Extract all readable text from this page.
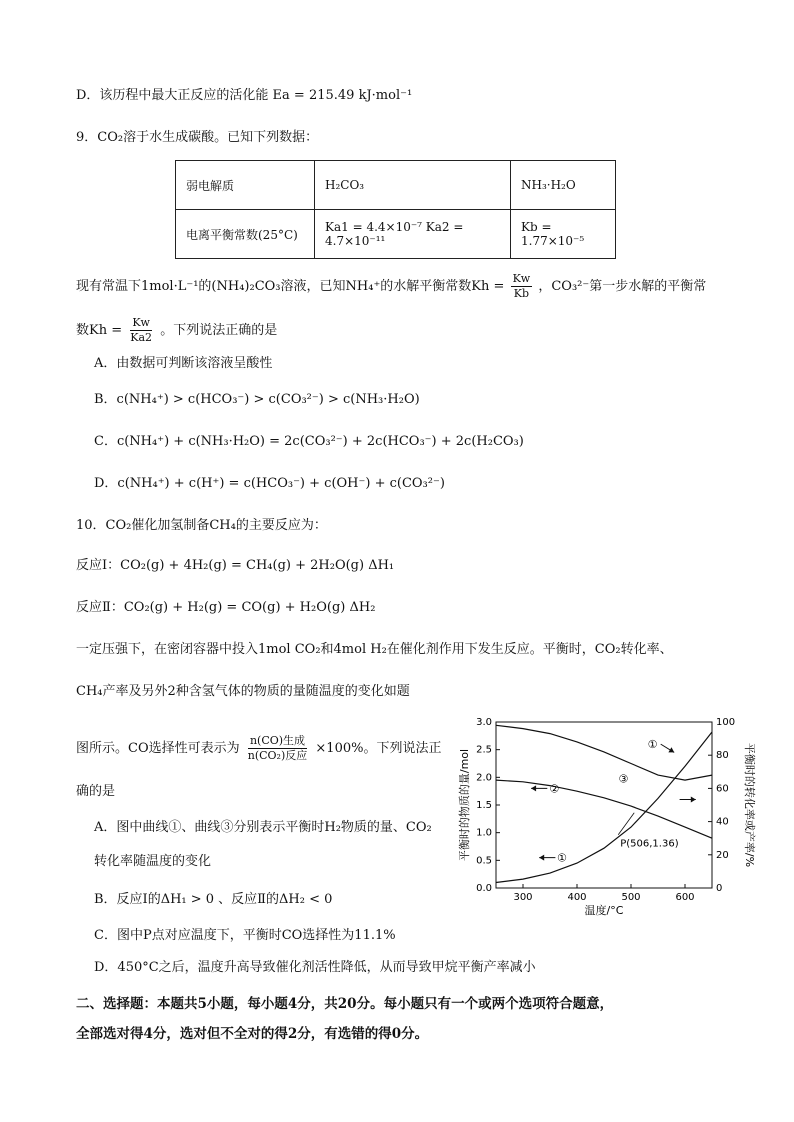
D．该历程中最大正反应的活化能 Ea = 215.49 kJ·mol⁻¹
9．CO₂溶于水生成碳酸。已知下列数据：
弱电解质	H₂CO₃	NH₃·H₂O
电离平衡常数(25°C)	Ka1 = 4.4×10⁻⁷ Ka2 = 4.7×10⁻¹¹	Kb = 1.77×10⁻⁵
现有常温下1mol·L⁻¹的(NH₄)₂CO₃溶液，已知NH₄⁺的水解平衡常数$Kh = \frac{Kw}{Kb}$ ，CO₃²⁻第一步水解的平衡常
数$Kh = \frac{Kw}{Ka2}$ 。下列说法正确的是
A．由数据可判断该溶液呈酸性
B．c(NH₄⁺) > c(HCO₃⁻) > c(CO₃²⁻) > c(NH₃·H₂O)
C．c(NH₄⁺) + c(NH₃·H₂O) = 2c(CO₃²⁻) + 2c(HCO₃⁻) + 2c(H₂CO₃)
D．c(NH₄⁺) + c(H⁺) = c(HCO₃⁻) + c(OH⁻) + c(CO₃²⁻)
10．CO₂催化加氢制备CH₄的主要反应为：
反应Ⅰ：CO₂(g) + 4H₂(g) = CH₄(g) + 2H₂O(g) ΔH₁
反应Ⅱ：CO₂(g) + H₂(g) = CO(g) + H₂O(g) ΔH₂
一定压强下，在密闭容器中投入1mol CO₂和4mol H₂在催化剂作用下发生反应。平衡时，CO₂转化率、
CH₄产率及另外2种含氢气体的物质的量随温度的变化如题
图所示。CO选择性可表示为 $\frac{\text{n(CO)生成}}{\text{n(CO₂)反应}} \times 100\%$。下列说法正
确的是
A．图中曲线①、曲线③分别表示平衡时H₂物质的量、CO₂
转化率随温度的变化
B．反应Ⅰ的ΔH₁ > 0 、反应Ⅱ的ΔH₂ < 0
C．图中P点对应温度下，平衡时CO选择性为11.1%
D．450°C之后，温度升高导致催化剂活性降低，从而导致甲烷平衡产率减小
二、选择题：本题共5小题，每小题4分，共20分。每小题只有一个或两个选项符合题意，
全部选对得4分，选对但不全对的得2分，有选错的得0分。
300	400	500	600
0.0
0.5
1.0
1.5
2.0
2.5
3.0
0
20
40
60
80
100
温度/°C
平衡时的物质的量/mol	平衡时的转化率或产率/%
①
②
③
①
P(506,1.36)
